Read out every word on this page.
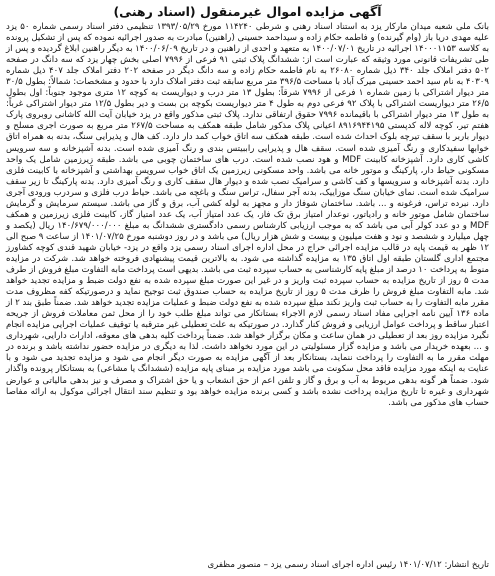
آگهی مزایده اموال غیرمنقول (اسناد رهنی)

بانک ملی شعبه میدان مارکار یزد به استناد اسناد رهنی و شرطی ۱۱۴۲۴۰ مورخ ۱۳۹۳/۰۵/۲۹ تنظیمی دفتر اسناد رسمی شماره ۵۰ یزد علیه مهدی دریا باز (وام گیرنده) و فاطمه حکام زاده و سیداحمد حسینی (راهنین) مبادرت به صدور اجرائیه نموده که پس از تشکیل پرونده به کلاسه ۱۴۰۰۰۱۱۵۳ اجرائیه در تاریخ ۱۴۰۰/۰۷/۰۱ به متعهد و احدی از راهنین و در تاریخ ۱۴۰۰/۰۶/۰۹ به دیگر راهنین ابلاغ گردیده و پس از طی تشریفات قانونی مورد وثیقه که عبارت است از: ششدانگ پلاک ثبتی ۹۱ فرعی از ۷۹۹۶ اصلی بخش چهار یزد که سه دانگ در صفحه ۵۰۲ دفتر املاک جلد ۳۴۰ ذیل شماره ۲۶۰۸۰ به نام فاطمه حکام زاده و سه دانگ دیگر در صفحه ۲۰۲ دفتر املاک جلد ۴۰۷ ذیل شماره ۴۰۳۰۹ به نام سید احمد حسینی میرک آباد با مساحت ۳۹۶/۵ متر مربع سابقه ثبت دفتر املاک دارد با حدود و مشخصات: شمالاً: بطول ۳۰/۵ متر دیوار اشتراکی با زمین شماره ۱ فرعی از ۷۹۹۶ شرقاً: بطول ۱۳ متر درب و دیواریست به کوچه ۱۲ متری موجود جنوباً: اول بطول ۲۶/۵ متر دیواریست اشتراکی با پلاک ۹۲ فرعی دوم به طول ۴ متر دیواریست بکوچه بن بست و دیر بطول ۱۲/۵ متر دیوار اشتراکی غرباً: به طول ۱۳ متر دیوار اشتراکی با باقیمانده ۷۹۹۶ حقوق ارتفاقی ندارد. پلاک ثبتی مذکور واقع در یزد خیابان آیت الله کاشانی روبروی پارک هفتم تیر، کوچه لاله کدپستی ۸۹۱۶۹۴۴۱۹۵ اعیانی پلاک مذکور شامل طبقه همکف به مساحت ۲۶۷/۵ متر مربع به صورت اجری مسلح و دیوار باربر با سقف تیرچه بلوک احداث شده است. طبقه همکف سه اتاق خواب کمد دار دارد. کف هال و پذیرایی سنگ، بدنه به همراه اتاق خوابها سفیدکاری و رنگ آمیزی شده است. سقف هال و پذیرایی راببیتس بندی و رنگ آمیزی شده است. بدنه آشپزخانه و سه سرویس کاشی کاری دارد. آشپزخانه کابینت MDF و هود نصب شده است. درب های ساختمان چوبی می باشد. طبقه زیرزمین شامل یک واحد مسکونی حیاط دار، پارکینگ و موتور خانه می باشد. واحد مسکونی زیرزمین یک اتاق خواب سرویس بهداشتی و آشپزخانه با کابینت فلزی دارد. بدنه آشپزخانه و سرویسها و کف کاشی و سرامیک نصب شده و دیوار هال سقف کاری و رنگ آمیزی دارد. بدنه پارکینگ تا زیر سقف سرامیک شده است. نمای خیابان سنگ موزاییک، بدنه آجر سفال، تراس سنگ و باغچه می باشد. حیاط درب فلزی و سردرب ورودی آجری دارد. نبرده تراس، فرغونه و ... باشد. ساختمان شوفاژ دار و مجهز به لوله کشی آب، برق و گاز می باشد. سیستم سرمایش و گرمایش ساختمان شامل موتور خانه و رادیاتور، نوعدار امتیاز برق تک فاز، یک عدد امتیاز آب، یک عدد امتیاز گاز، کابینت فلزی زیرزمین و همکف MDF و دو عدد کولر آبی می باشد که به موجب ارزیابی کارشناس رسمی دادگستری ششدانگ به مبلغ ۱۴۰/۶۷۹/۰۰۰/۰۰۰ ریال (یکصد و چهل میلیارد و ششصد و نود و هفت میلیون و بیست و شش هزار ریال) می باشد و در روز دوشنبه مورخ ۱۴۰۱/۰۷/۲۵ از ساعت ۹ صبح الی ۱۲ ظهر به قیمت پایه در قالب مزایده اجرائی حراج در محل اداره اجرای اسناد رسمی یزد واقع در یزد- خیابان شهید قندی کوچه کشاورز مجتمع اداری گلستان طبقه اول اتاق ۱۳۵ به مزایده گذاشته می شود. به بالاترین قیمت پیشنهادی فروخته خواهد شد. شرکت در مزایده منوط به پرداخت ۱۰ درصد از مبلغ پایه کارشناسی به حساب سپرده ثبت می باشد. بدیهی است پرداخت مابه التفاوت مبلغ فروش از طرف مدت ۵ روز از تاریخ مزایده به حساب سپرده ثبت واریز و در غیر این صورت مبلغ سپرده شده به نفع دولت ضبط و مزایده تجدید خواهد شد. مابه التفاوت مبلغ فروش را ظرف مدت ۵ روز از تاریخ مزایده به حساب صندوق ثبت توجیح نماید و درصورتیکه کفه مظروف مدت مقرر مابه التفاوت را به حساب ثبت واریز نکند مبلغ سپرده شده به نفع دولت ضبط و عملیات مزایده تجدید خواهد شد. ضمناً طبق بند ۲ از ماده ۱۳۶ آیین نامه اجرایی مفاد اسناد رسمی لازم الاجراء بستانکار می تواند مبلغ طلب خود را از محل ثمن معاملات فروش از جریحه اعتبار ساقط و پرداخت عوامل ارزیابی و فروش کنار گذارد. در صورتیکه به علت تعطیلی غیر مترقبه یا توقیف عملیات اجرایی مزایده انجام نگیرد مزایده روز بعد از تعطیلی در همان ساعت و مکان برگزار خواهد شد. ضمناً پرداخت کلیه بدهی های معوقه، ادارات دارایی، شهرداری و ... بعهده خریدار می باشد و مزایده گزار مسئولیتی در این مورد نخواهد داشت. لذا به دیگری در مزایده حضور نداشته باشد و برنده در مهلت مقرر ما به التفاوت را پرداخت ننماید، بستانکار بعد از آگهی مزایده به صورت دیگر انجام می شود و مزایده تجدید می شود و با عنایت به اینکه مورد مزایده فاقد محل سکونت می باشد مورد مزایده بر مبنای پایه مزایده (ششدانگ یا مشاعی) به بستانکار پرونده واگذار شود. ضمناً هر گونه بدهی مربوط به آب و برق و گاز و تلفن اعم از حق انشعاب و یا حق اشتراک و مصرف و نیز بدهی مالیاتی و عوارض شهرداری و غیره تا تاریخ مزایده پرداخت نشده باشد و کسی برنده مزایده خواهد بود و تنظیم سند انتقال اجرائی موکول به ارائه مفاصا حساب های مذکور می باشد.

تاریخ انتشار: ۱۴۰۱/۰۷/۱۲ رئیس اداره اجرای اسناد رسمی یزد – منصور مظفری
